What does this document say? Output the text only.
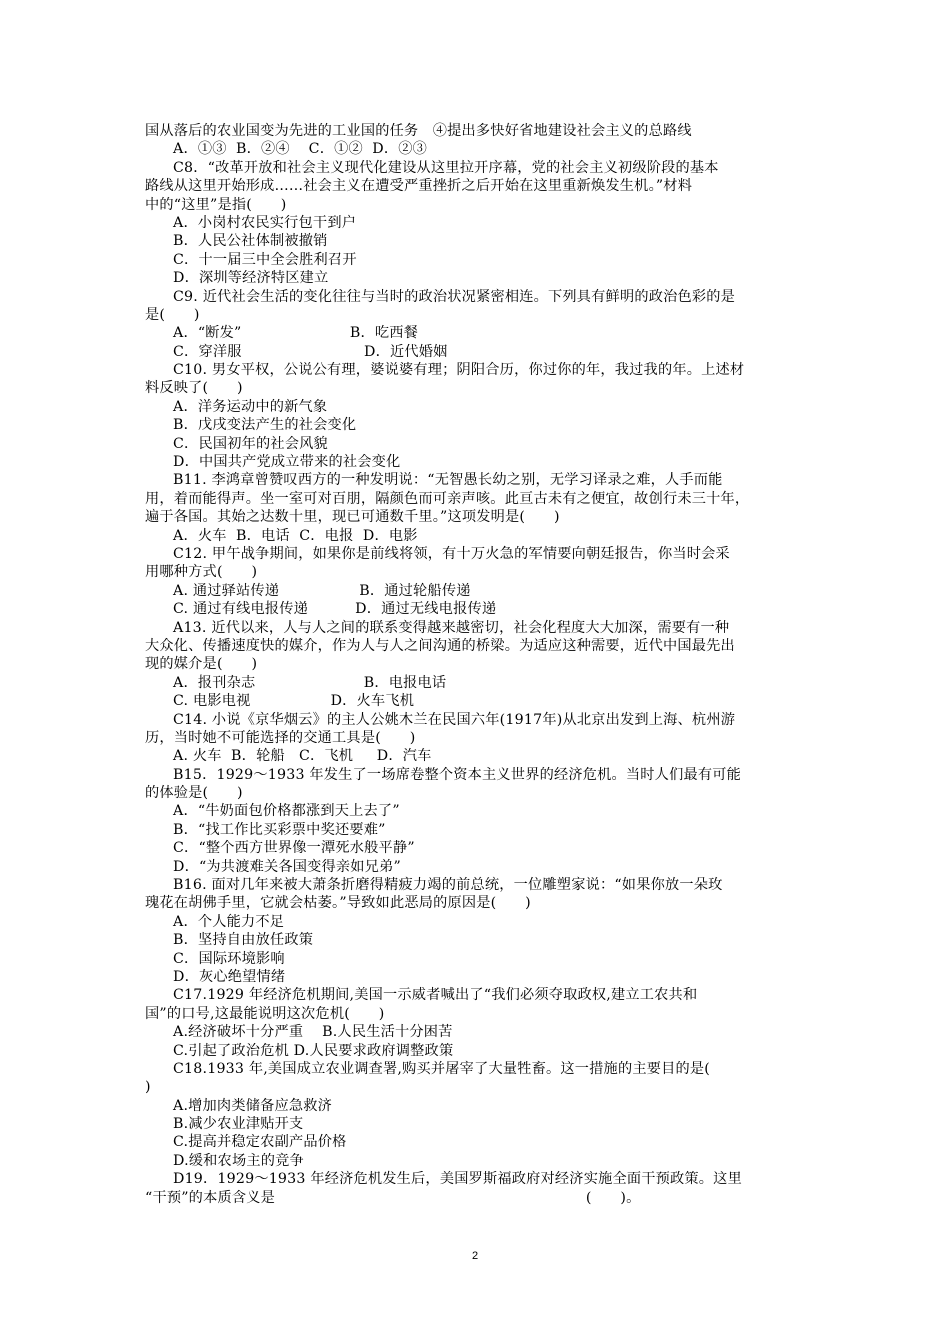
国从落后的农业国变为先进的工业国的任务　④提出多快好省地建设社会主义的总路线
A．①③  B．②④    C．①②  D．②③
C8．“改革开放和社会主义现代化建设从这里拉开序幕，党的社会主义初级阶段的基本
路线从这里开始形成……社会主义在遭受严重挫折之后开始在这里重新焕发生机。”材料
中的“这里”是指(　　)
A．小岗村农民实行包干到户
B．人民公社体制被撤销
C．十一届三中全会胜利召开
D．深圳等经济特区建立
C9. 近代社会生活的变化往往与当时的政治状况紧密相连。下列具有鲜明的政治色彩的是
是(　　)
A．“断发”                       B．吃西餐
C．穿洋服                          D．近代婚姻
C10. 男女平权，公说公有理，婆说婆有理；阴阳合历，你过你的年，我过我的年。上述材
料反映了(　　)
A．洋务运动中的新气象
B．戊戌变法产生的社会变化
C．民国初年的社会风貌
D．中国共产党成立带来的社会变化
B11. 李鸿章曾赞叹西方的一种发明说：“无智愚长幼之别，无学习译录之难，人手而能
用，着而能得声。坐一室可对百朋，隔颜色而可亲声咳。此亘古未有之便宜，故创行未三十年，
遍于各国。其始之达数十里，现已可通数千里。”这项发明是(　　)
A．火车  B．电话  C．电报  D．电影
C12. 甲午战争期间，如果你是前线将领，有十万火急的军情要向朝廷报告，你当时会采
用哪种方式(　　)
A. 通过驿站传递                 B．通过轮船传递
C. 通过有线电报传递          D．通过无线电报传递
A13. 近代以来，人与人之间的联系变得越来越密切，社会化程度大大加深，需要有一种
大众化、传播速度快的媒介，作为人与人之间沟通的桥梁。为适应这种需要，近代中国最先出
现的媒介是(　　)
A．报刊杂志                       B．电报电话
C. 电影电视                 D．火车飞机
C14. 小说《京华烟云》的主人公姚木兰在民国六年(1917年)从北京出发到上海、杭州游
历，当时她不可能选择的交通工具是(　　)
A. 火车  B．轮船   C．飞机     D．汽车
B15．1929～1933 年发生了一场席卷整个资本主义世界的经济危机。当时人们最有可能
的体验是(　　)
A．“牛奶面包价格都涨到天上去了”
B．“找工作比买彩票中奖还要难”
C．“整个西方世界像一潭死水般平静”
D．“为共渡难关各国变得亲如兄弟”
B16. 面对几年来被大萧条折磨得精疲力竭的前总统，一位雕塑家说：“如果你放一朵玫
瑰花在胡佛手里，它就会枯萎。”导致如此恶局的原因是(　　)
A．个人能力不足
B．坚持自由放任政策
C．国际环境影响
D．灰心绝望情绪
C17.1929 年经济危机期间,美国一示威者喊出了“我们必须夺取政权,建立工农共和
国”的口号,这最能说明这次危机(　　)
A.经济破坏十分严重    B.人民生活十分困苦
C.引起了政治危机 D.人民要求政府调整政策
C18.1933 年,美国成立农业调查署,购买并屠宰了大量牲畜。这一措施的主要目的是(
)
A.增加肉类储备应急救济
B.减少农业津贴开支
C.提高并稳定农副产品价格
D.缓和农场主的竞争
D19．1929～1933 年经济危机发生后，美国罗斯福政府对经济实施全面干预政策。这里
“干预”的本质含义是                                                                  (　　)。
2
